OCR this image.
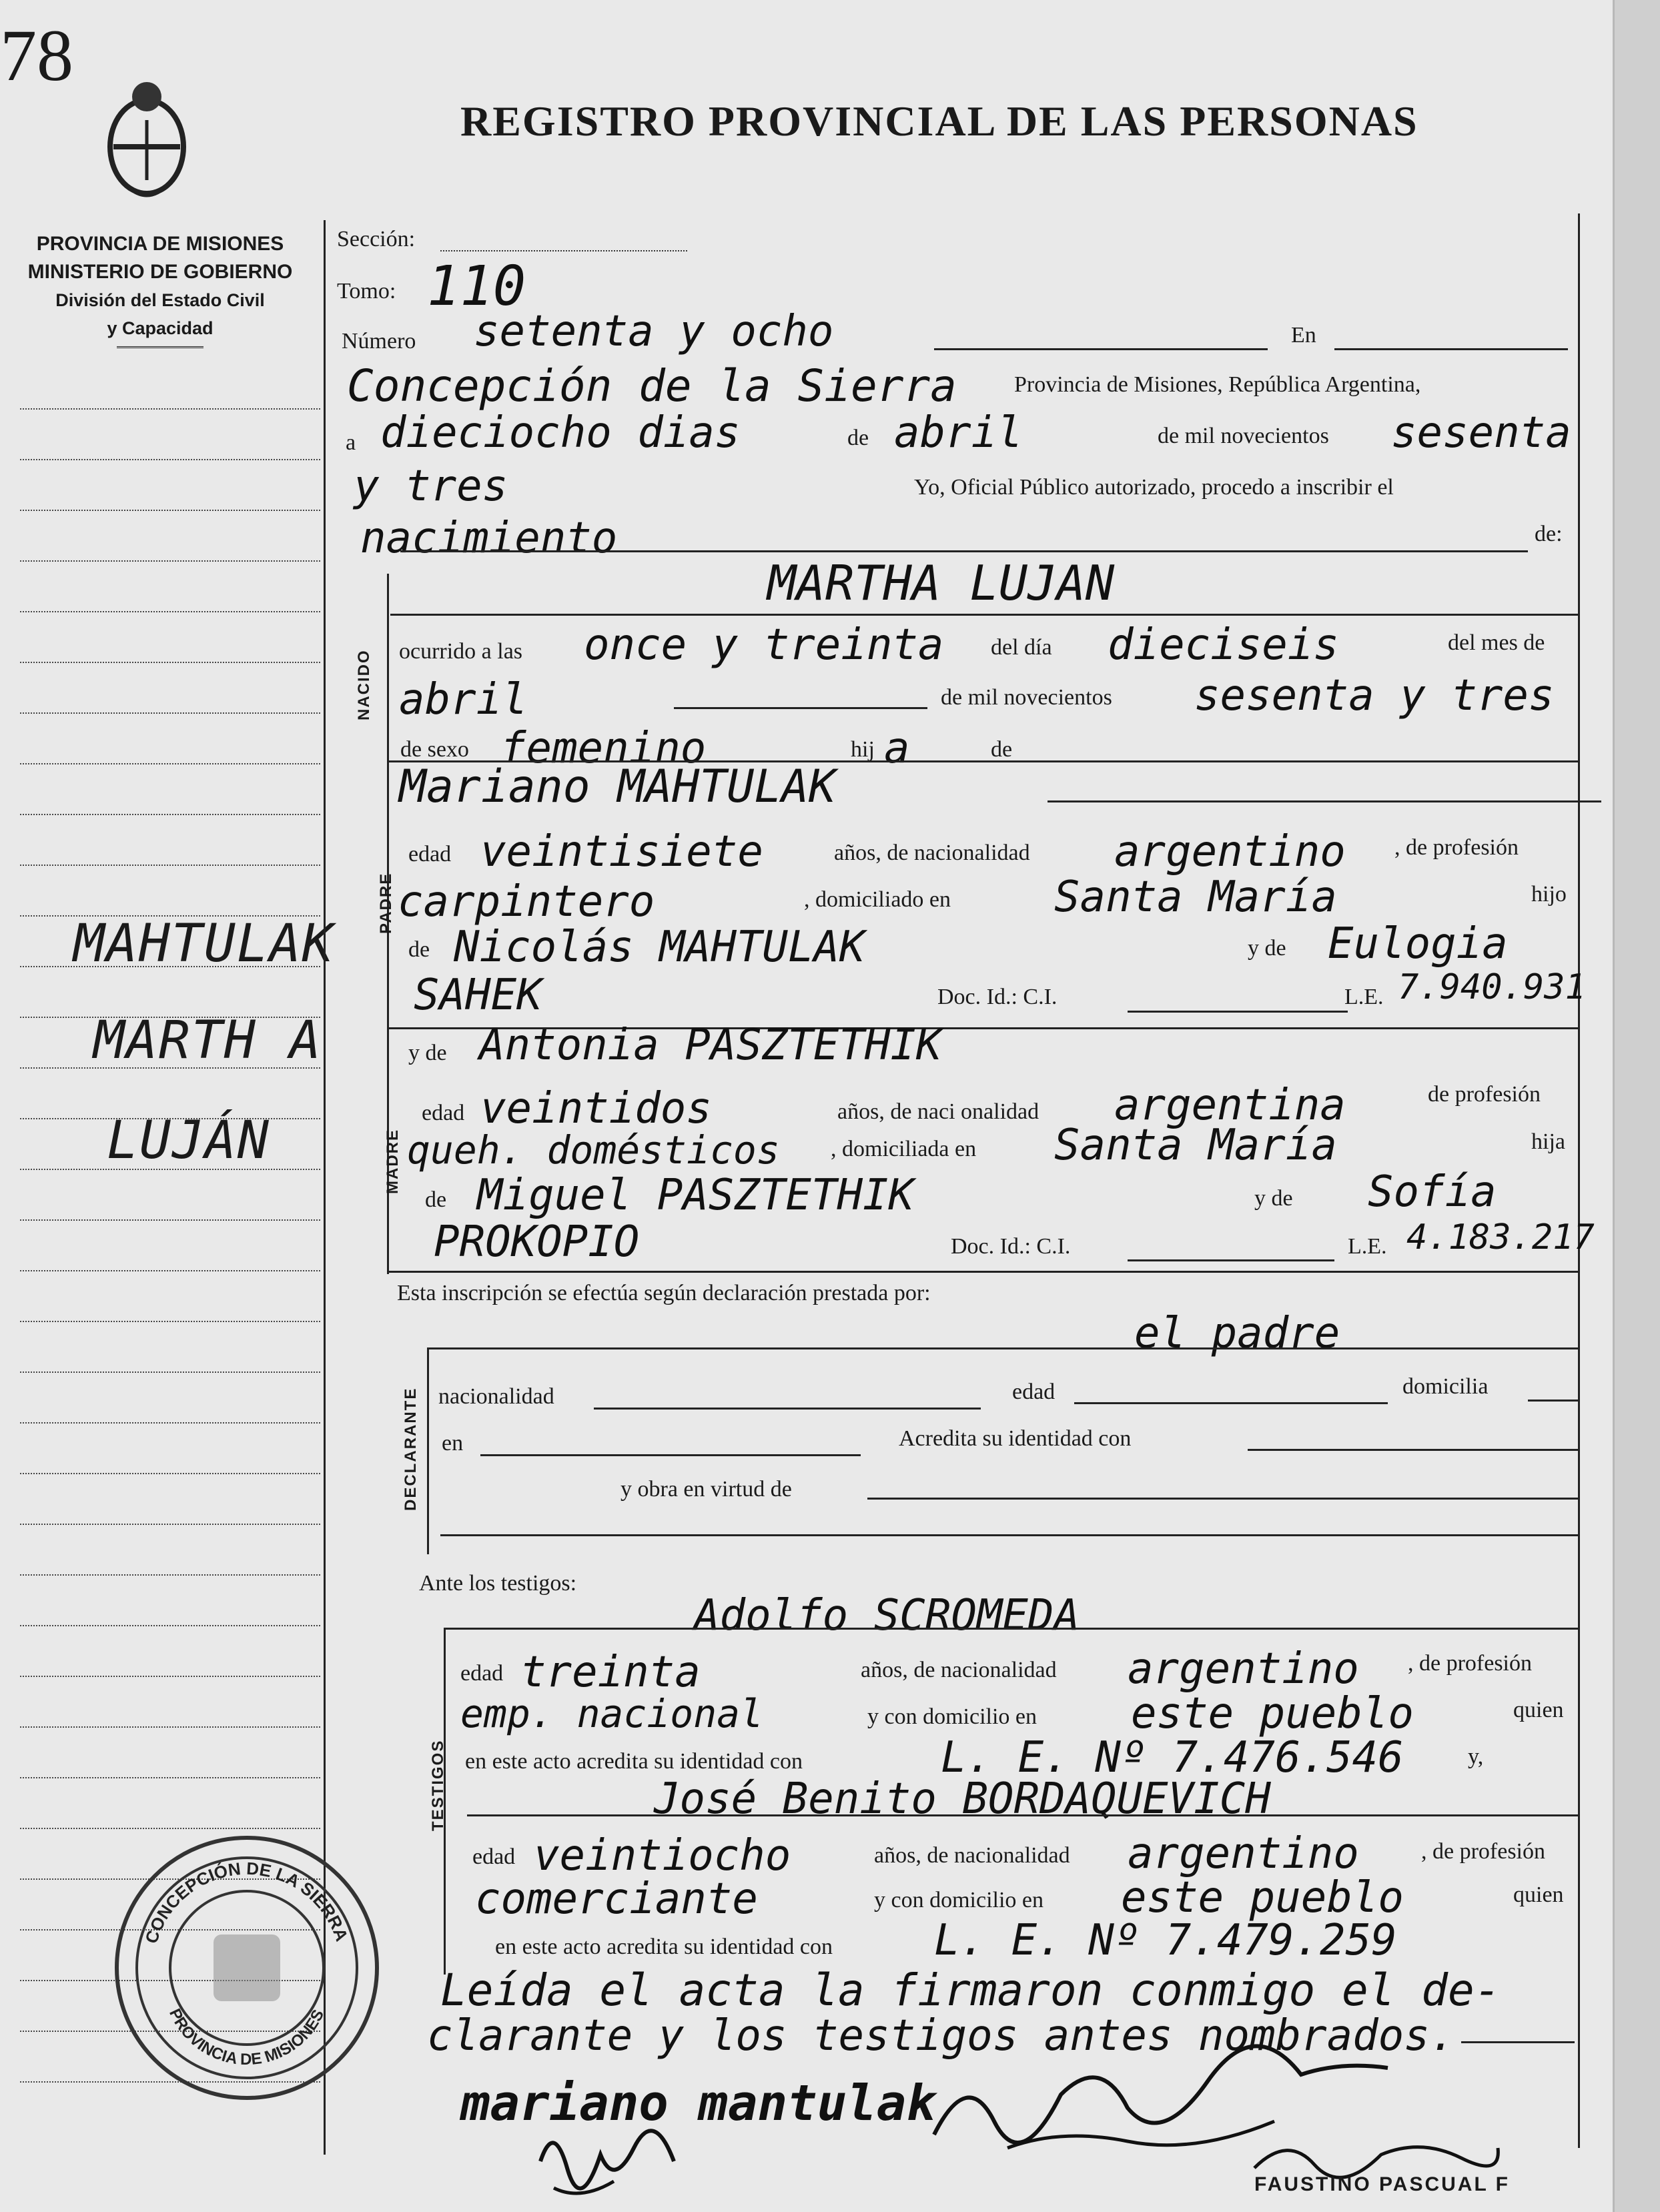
78
REGISTRO PROVINCIAL DE LAS PERSONAS
PROVINCIA DE MISIONES
MINISTERIO DE GOBIERNO
División del Estado Civil
y Capacidad
MAHTULAK
MARTH A
LUJÁN
Sección:
Tomo: 110
Número setenta y ocho	En
Concepción de la Sierra	Provincia de Misiones, República Argentina,
a dieciocho dias	de abril	de mil novecientos sesenta
y tres	Yo, Oficial Público autorizado, procedo a inscribir el
nacimiento	de:
MARTHA LUJAN
NACIDO ocurrido a las once y treinta del día dieciseis	del mes de
abril	de mil novecientos sesenta y tres
de sexo femenino	hij a	de
PADRE
Mariano MAHTULAK
edad veintisiete	años, de nacionalidad argentino , de profesión
carpintero	, domiciliado en Santa María	hijo
de Nicolás MAHTULAK	y de Eulogia
SAHEK	Doc. Id.: C.I.	L.E. 7.940.931
MADRE
y de Antonia PASZTETHIK
edad veintidos	años, de naci onalidad argentina	de profesión
queh. domésticos , domiciliada en Santa María	hija
de Miguel PASZTETHIK	y de Sofía
PROKOPIO	Doc. Id.: C.I.	L.E. 4.183.217
Esta inscripción se efectúa según declaración prestada por:
el padre
DECLARANTE nacionalidad	edad	domicilia
en	Acredita su identidad con
y obra en virtud de
Ante los testigos:
Adolfo SCROMEDA
TESTIGOS
edad treinta	años, de nacionalidad argentino , de profesión
emp. nacional	y con domicilio en este pueblo	quien
en este acto acredita su identidad con	L. E. Nº 7.476.546	y,
José Benito BORDAQUEVICH
edad veintiocho	años, de nacionalidad argentino	, de profesión
comerciante	y con domicilio en este pueblo	quien
en este acto acredita su identidad con L. E. Nº 7.479.259
Leída el acta la firmaron conmigo el de-
clarante y los testigos antes nombrados.
CONCEPCIÓN DE LA SIERRA
PROVINCIA DE MISIONES
mariano mantulak
FAUSTINO PASCUAL F
